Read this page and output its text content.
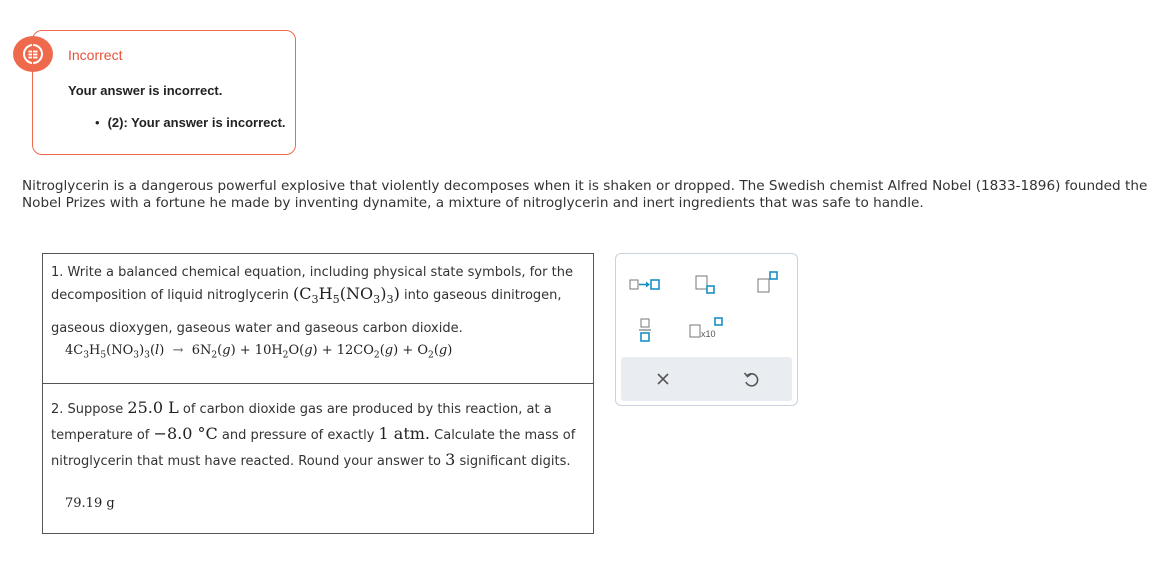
Incorrect
Your answer is incorrect.
• (2): Your answer is incorrect.
Nitroglycerin is a dangerous powerful explosive that violently decomposes when it is shaken or dropped. The Swedish chemist Alfred Nobel (1833-1896) founded the Nobel Prizes with a fortune he made by inventing dynamite, a mixture of nitroglycerin and inert ingredients that was safe to handle.
1. Write a balanced chemical equation, including physical state symbols, for the
decomposition of liquid nitroglycerin $(C_3H_5(NO_3)_3)$ into gaseous dinitrogen,
gaseous dioxygen, gaseous water and gaseous carbon dioxide.
$4C_3H_5(NO_3)_3(l) \to 6N_2(g) + 10H_2O(g) + 12CO_2(g) + O_2(g)$
2. Suppose 25.0 L of carbon dioxide gas are produced by this reaction, at a temperature of −8.0 °C and pressure of exactly 1 atm. Calculate the mass of nitroglycerin that must have reacted. Round your answer to 3 significant digits.
79.19 g
x10
